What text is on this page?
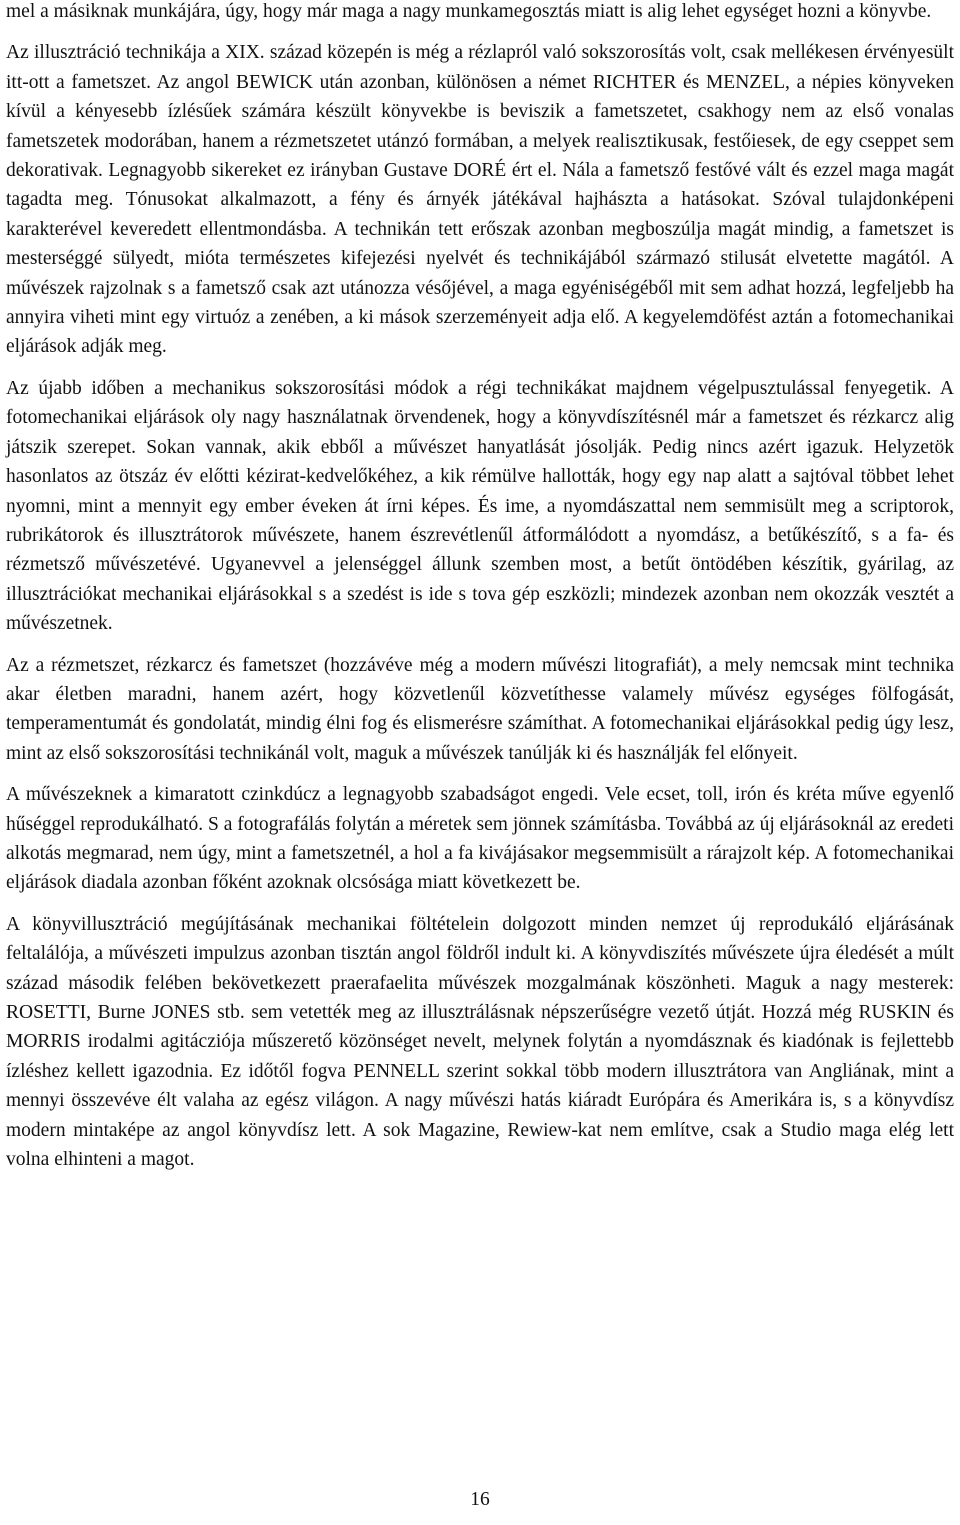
mel a másiknak munkájára, úgy, hogy már maga a nagy munkamegosztás miatt is alig lehet egységet hozni a könyvbe.

Az illusztráció technikája a XIX. század közepén is még a rézlapról való sokszorosítás volt, csak mellékesen érvényesült itt-ott a fametszet. Az angol BEWICK után azonban, különösen a német RICHTER és MENZEL, a népies könyveken kívül a kényesebb ízlésűek számára készült könyvekbe is beviszik a fametszetet, csakhogy nem az első vonalas fametszetek modorában, hanem a rézmetszetet utánzó formában, a melyek realisztikusak, festőiesek, de egy cseppet sem dekorativak. Legnagyobb sikereket ez irányban Gustave DORÉ ért el. Nála a fametsző festővé vált és ezzel maga magát tagadta meg. Tónusokat alkalmazott, a fény és árnyék játékával hajhászta a hatásokat. Szóval tulajdonképeni karakterével keveredett ellentmondásba. A technikán tett erőszak azonban megboszúlja magát mindig, a fametszet is mesterséggé sülyedt, mióta természetes kifejezési nyelvét és technikájából származó stilusát elvetette magától. A művészek rajzolnak s a fametsző csak azt utánozza vésőjével, a maga egyéniségéből mit sem adhat hozzá, legfeljebb ha annyira viheti mint egy virtuóz a zenében, a ki mások szerzeményeit adja elő. A kegyelemdöfést aztán a fotomechanikai eljárások adják meg.

Az újabb időben a mechanikus sokszorosítási módok a régi technikákat majdnem végelpusztulással fenyegetik. A fotomechanikai eljárások oly nagy használatnak örvendenek, hogy a könyvdíszítésnél már a fametszet és rézkarcz alig játszik szerepet. Sokan vannak, akik ebből a művészet hanyatlását jósolják. Pedig nincs azért igazuk. Helyzetök hasonlatos az ötszáz év előtti kézirat-kedvelőkéhez, a kik rémülve hallották, hogy egy nap alatt a sajtóval többet lehet nyomni, mint a mennyit egy ember éveken át írni képes. És ime, a nyomdászattal nem semmisült meg a scriptorok, rubrikátorok és illusztrátorok művészete, hanem észrevétlenűl átformálódott a nyomdász, a betűkészítő, s a fa- és rézmetsző művészetévé. Ugyanevvel a jelenséggel állunk szemben most, a betűt öntödében készítik, gyárilag, az illusztrációkat mechanikai eljárásokkal s a szedést is ide s tova gép eszközli; mindezek azonban nem okozzák vesztét a művészetnek.

Az a rézmetszet, rézkarcz és fametszet (hozzávéve még a modern művészi litografiát), a mely nemcsak mint technika akar életben maradni, hanem azért, hogy közvetlenűl közvetíthesse valamely művész egységes fölfogását, temperamentumát és gondolatát, mindig élni fog és elismerésre számíthat. A fotomechanikai eljárásokkal pedig úgy lesz, mint az első sokszorosítási technikánál volt, maguk a művészek tanúlják ki és használják fel előnyeit.

A művészeknek a kimaratott czinkdúcz a legnagyobb szabadságot engedi. Vele ecset, toll, irón és kréta műve egyenlő hűséggel reprodukálható. S a fotografálás folytán a méretek sem jönnek számításba. Továbbá az új eljárásoknál az eredeti alkotás megmarad, nem úgy, mint a fametszetnél, a hol a fa kivájásakor megsemmisült a rárajzolt kép. A fotomechanikai eljárások diadala azonban főként azoknak olcsósága miatt következett be.

A könyvillusztráció megújításának mechanikai föltételein dolgozott minden nemzet új reprodukáló eljárásának feltalálója, a művészeti impulzus azonban tisztán angol földről indult ki. A könyvdiszítés művészete újra éledését a múlt század második felében bekövetkezett praerafaelita művészek mozgalmának köszönheti. Maguk a nagy mesterek: ROSETTI, Burne JONES stb. sem vetették meg az illusztrálásnak népszerűségre vezető útját. Hozzá még RUSKIN és MORRIS irodalmi agitácziója műszerető közönséget nevelt, melynek folytán a nyomdásznak és kiadónak is fejlettebb ízléshez kellett igazodnia. Ez időtől fogva PENNELL szerint sokkal több modern illusztrátora van Angliának, mint a mennyi összevéve élt valaha az egész világon. A nagy művészi hatás kiáradt Európára és Amerikára is, s a könyvdísz modern mintaképe az angol könyvdísz lett. A sok Magazine, Rewiew-kat nem említve, csak a Studio maga elég lett volna elhinteni a magot.

16
